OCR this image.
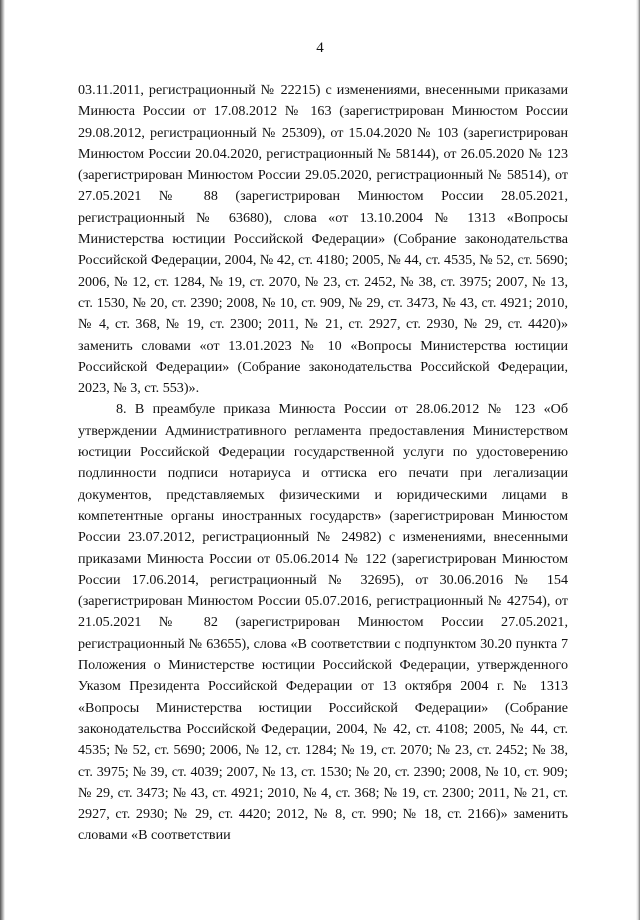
4

03.11.2011, регистрационный № 22215) с изменениями, внесенными приказами Минюста России от 17.08.2012 № 163 (зарегистрирован Минюстом России 29.08.2012, регистрационный № 25309), от 15.04.2020 № 103 (зарегистрирован Минюстом России 20.04.2020, регистрационный № 58144), от 26.05.2020 № 123 (зарегистрирован Минюстом России 29.05.2020, регистрационный № 58514), от 27.05.2021 № 88 (зарегистрирован Минюстом России 28.05.2021, регистрационный № 63680), слова «от 13.10.2004 № 1313 «Вопросы Министерства юстиции Российской Федерации» (Собрание законодательства Российской Федерации, 2004, № 42, ст. 4180; 2005, № 44, ст. 4535, № 52, ст. 5690; 2006, № 12, ст. 1284, № 19, ст. 2070, № 23, ст. 2452, № 38, ст. 3975; 2007, № 13, ст. 1530, № 20, ст. 2390; 2008, № 10, ст. 909, № 29, ст. 3473, № 43, ст. 4921; 2010, № 4, ст. 368, № 19, ст. 2300; 2011, № 21, ст. 2927, ст. 2930, № 29, ст. 4420)» заменить словами «от 13.01.2023 № 10 «Вопросы Министерства юстиции Российской Федерации» (Собрание законодательства Российской Федерации, 2023, № 3, ст. 553)».

8. В преамбуле приказа Минюста России от 28.06.2012 № 123 «Об утверждении Административного регламента предоставления Министерством юстиции Российской Федерации государственной услуги по удостоверению подлинности подписи нотариуса и оттиска его печати при легализации документов, представляемых физическими и юридическими лицами в компетентные органы иностранных государств» (зарегистрирован Минюстом России 23.07.2012, регистрационный № 24982) с изменениями, внесенными приказами Минюста России от 05.06.2014 № 122 (зарегистрирован Минюстом России 17.06.2014, регистрационный № 32695), от 30.06.2016 № 154 (зарегистрирован Минюстом России 05.07.2016, регистрационный № 42754), от 21.05.2021 № 82 (зарегистрирован Минюстом России 27.05.2021, регистрационный № 63655), слова «В соответствии с подпунктом 30.20 пункта 7 Положения о Министерстве юстиции Российской Федерации, утвержденного Указом Президента Российской Федерации от 13 октября 2004 г. № 1313 «Вопросы Министерства юстиции Российской Федерации» (Собрание законодательства Российской Федерации, 2004, № 42, ст. 4108; 2005, № 44, ст. 4535; № 52, ст. 5690; 2006, № 12, ст. 1284; № 19, ст. 2070; № 23, ст. 2452; № 38, ст. 3975; № 39, ст. 4039; 2007, № 13, ст. 1530; № 20, ст. 2390; 2008, № 10, ст. 909; № 29, ст. 3473; № 43, ст. 4921; 2010, № 4, ст. 368; № 19, ст. 2300; 2011, № 21, ст. 2927, ст. 2930; № 29, ст. 4420; 2012, № 8, ст. 990; № 18, ст. 2166)» заменить словами «В соответствии
